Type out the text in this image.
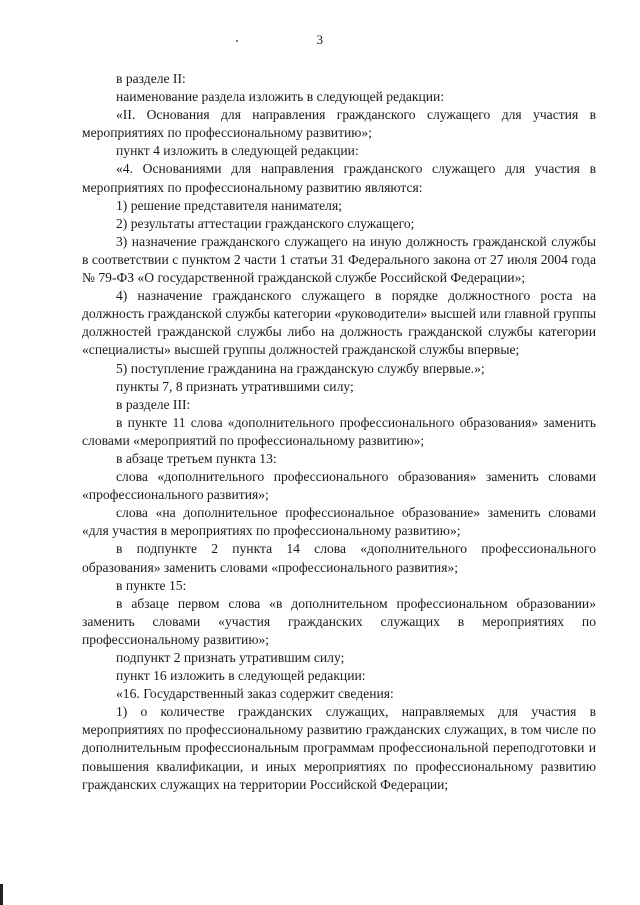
3

в разделе II:

наименование раздела изложить в следующей редакции:

«II. Основания для направления гражданского служащего для участия в мероприятиях по профессиональному развитию»;

пункт 4 изложить в следующей редакции:

«4. Основаниями для направления гражданского служащего для участия в мероприятиях по профессиональному развитию являются:

1) решение представителя нанимателя;

2) результаты аттестации гражданского служащего;

3) назначение гражданского служащего на иную должность гражданской службы в соответствии с пунктом 2 части 1 статьи 31 Федерального закона от 27 июля 2004 года № 79-ФЗ «О государственной гражданской службе Российской Федерации»;

4) назначение гражданского служащего в порядке должностного роста на должность гражданской службы категории «руководители» высшей или главной группы должностей гражданской службы либо на должность гражданской службы категории «специалисты» высшей группы должностей гражданской службы впервые;

5) поступление гражданина на гражданскую службу впервые.»;

пункты 7, 8 признать утратившими силу;

в разделе III:

в пункте 11 слова «дополнительного профессионального образования» заменить словами «мероприятий по профессиональному развитию»;

в абзаце третьем пункта 13:

слова «дополнительного профессионального образования» заменить словами «профессионального развития»;

слова «на дополнительное профессиональное образование» заменить словами «для участия в мероприятиях по профессиональному развитию»;

в подпункте 2 пункта 14 слова «дополнительного профессионального образования» заменить словами «профессионального развития»;

в пункте 15:

в абзаце первом слова «в дополнительном профессиональном образовании» заменить словами «участия гражданских служащих в мероприятиях по профессиональному развитию»;

подпункт 2 признать утратившим силу;

пункт 16 изложить в следующей редакции:

«16. Государственный заказ содержит сведения:

1) о количестве гражданских служащих, направляемых для участия в мероприятиях по профессиональному развитию гражданских служащих, в том числе по дополнительным профессиональным программам профессиональной переподготовки и повышения квалификации, и иных мероприятиях по профессиональному развитию гражданских служащих на территории Российской Федерации;
